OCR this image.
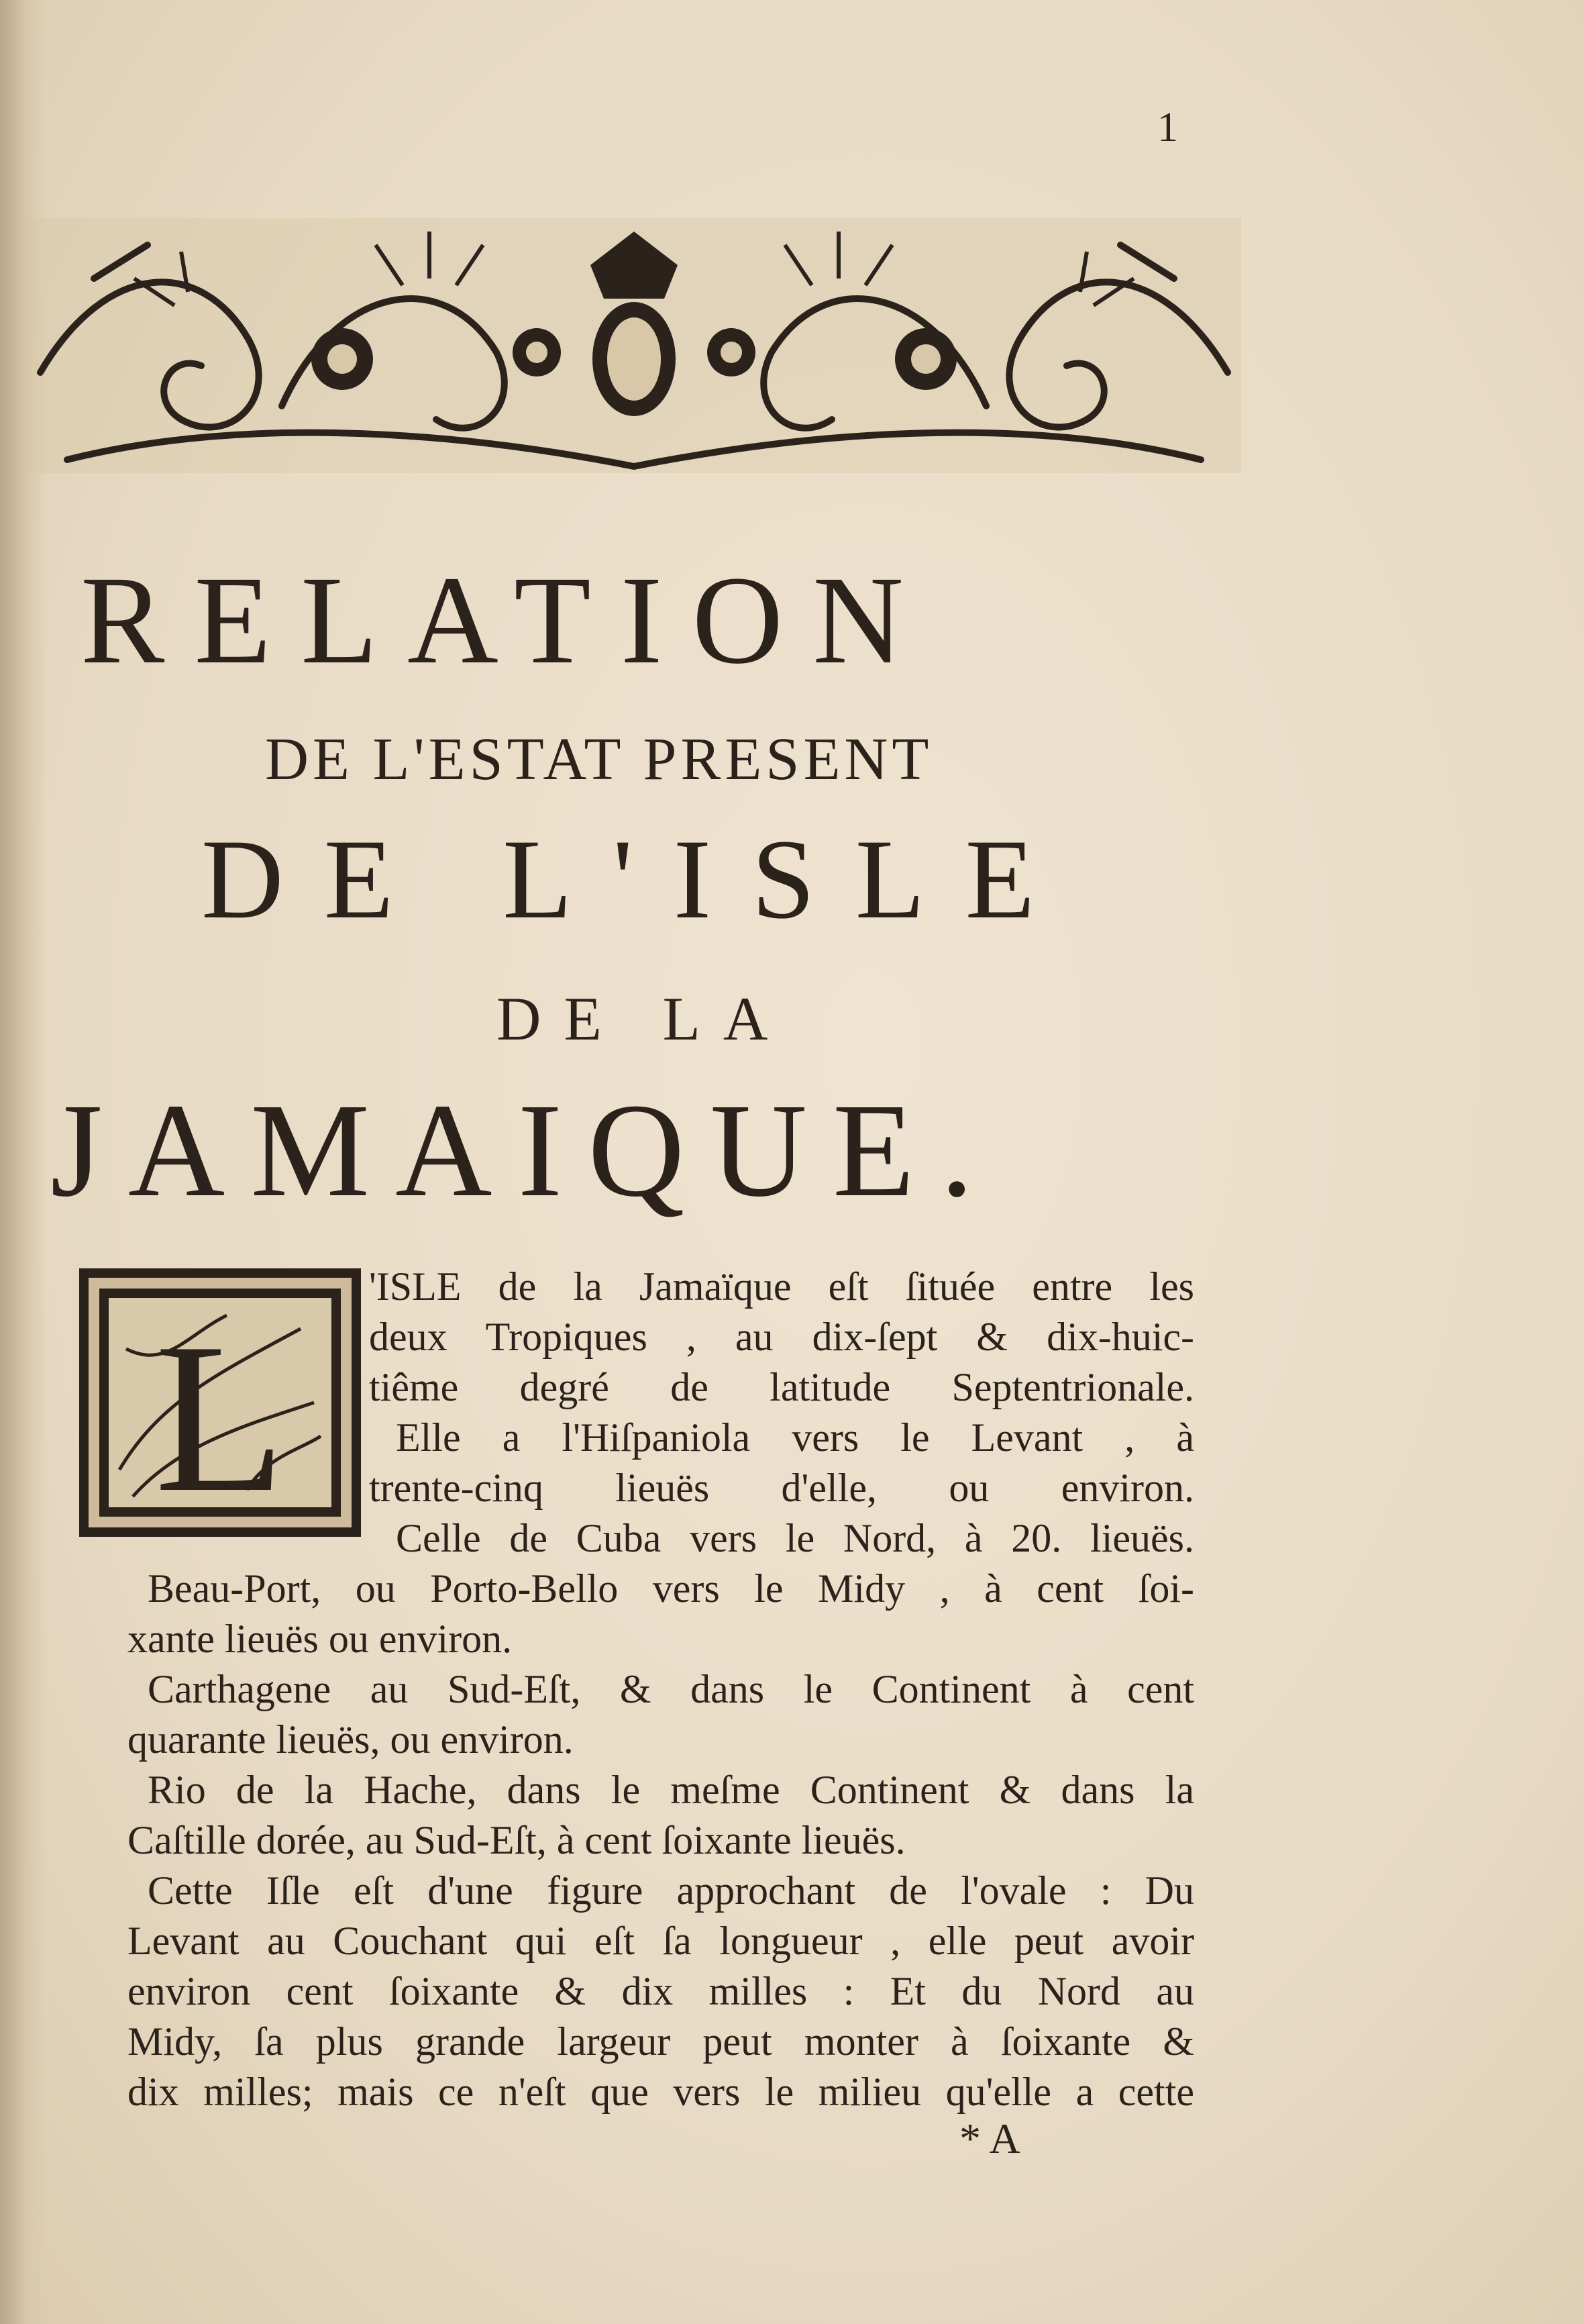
1
RELATION
DE L'ESTAT PRESENT
DE L'ISLE
DE LA
JAMAIQUE.
L
'ISLE de la Jamaïque eſt ſituée entre les
deux Tropiques , au dix-ſept & dix-huic-
tiême degré de latitude Septentrionale.
Elle a l'Hiſpaniola vers le Levant , à
trente-cinq lieuës d'elle, ou environ.
Celle de Cuba vers le Nord, à 20. lieuës.
Beau-Port, ou Porto-Bello vers le Midy , à cent ſoi-
xante lieuës ou environ.
Carthagene au Sud-Eſt, & dans le Continent à cent
quarante lieuës, ou environ.
Rio de la Hache, dans le meſme Continent & dans la
Caſtille dorée, au Sud-Eſt, à cent ſoixante lieuës.
Cette Iſle eſt d'une figure approchant de l'ovale : Du
Levant au Couchant qui eſt ſa longueur , elle peut avoir
environ cent ſoixante & dix milles : Et du Nord au
Midy, ſa plus grande largeur peut monter à ſoixante &
dix milles; mais ce n'eſt que vers le milieu qu'elle a cette
* A
